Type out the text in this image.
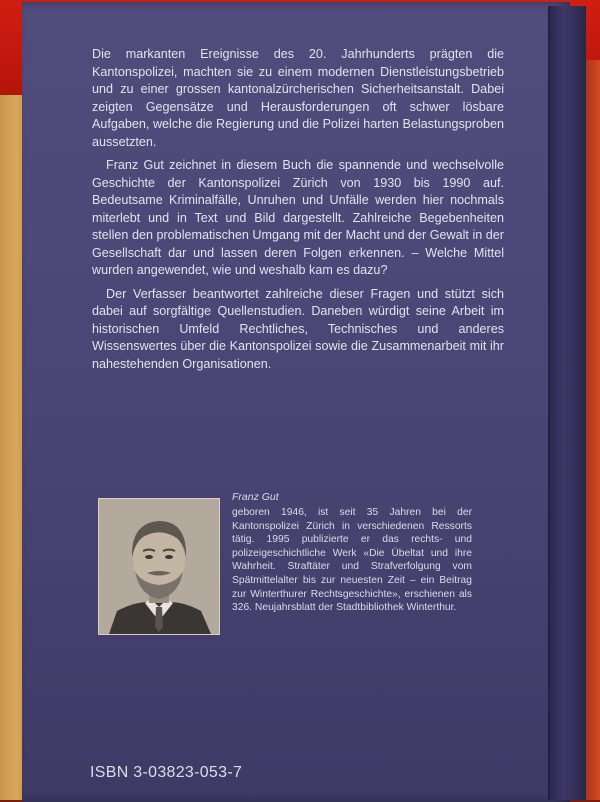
Die markanten Ereignisse des 20. Jahrhunderts prägten die Kantonspolizei, machten sie zu einem modernen Dienstleistungsbetrieb und zu einer grossen kantonalzürcherischen Sicherheitsanstalt. Dabei zeigten Gegensätze und Herausforderungen oft schwer lösbare Aufgaben, welche die Regierung und die Polizei harten Belastungsproben aussetzten.

Franz Gut zeichnet in diesem Buch die spannende und wechselvolle Geschichte der Kantonspolizei Zürich von 1930 bis 1990 auf. Bedeutsame Kriminalfälle, Unruhen und Unfälle werden hier nochmals miterlebt und in Text und Bild dargestellt. Zahlreiche Begebenheiten stellen den problematischen Umgang mit der Macht und der Gewalt in der Gesellschaft dar und lassen deren Folgen erkennen. – Welche Mittel wurden angewendet, wie und weshalb kam es dazu?

Der Verfasser beantwortet zahlreiche dieser Fragen und stützt sich dabei auf sorgfältige Quellenstudien. Daneben würdigt seine Arbeit im historischen Umfeld Rechtliches, Technisches und anderes Wissenswertes über die Kantonspolizei sowie die Zusammenarbeit mit ihr nahestehenden Organisationen.

Franz Gut

geboren 1946, ist seit 35 Jahren bei der Kantonspolizei Zürich in verschiedenen Ressorts tätig. 1995 publizierte er das rechts- und polizeigeschichtliche Werk «Die Übeltat und ihre Wahrheit. Straftäter und Strafverfolgung vom Spätmittelalter bis zur neuesten Zeit – ein Beitrag zur Winterthurer Rechtsgeschichte», erschienen als 326. Neujahrsblatt der Stadtbibliothek Winterthur.

ISBN 3-03823-053-7
